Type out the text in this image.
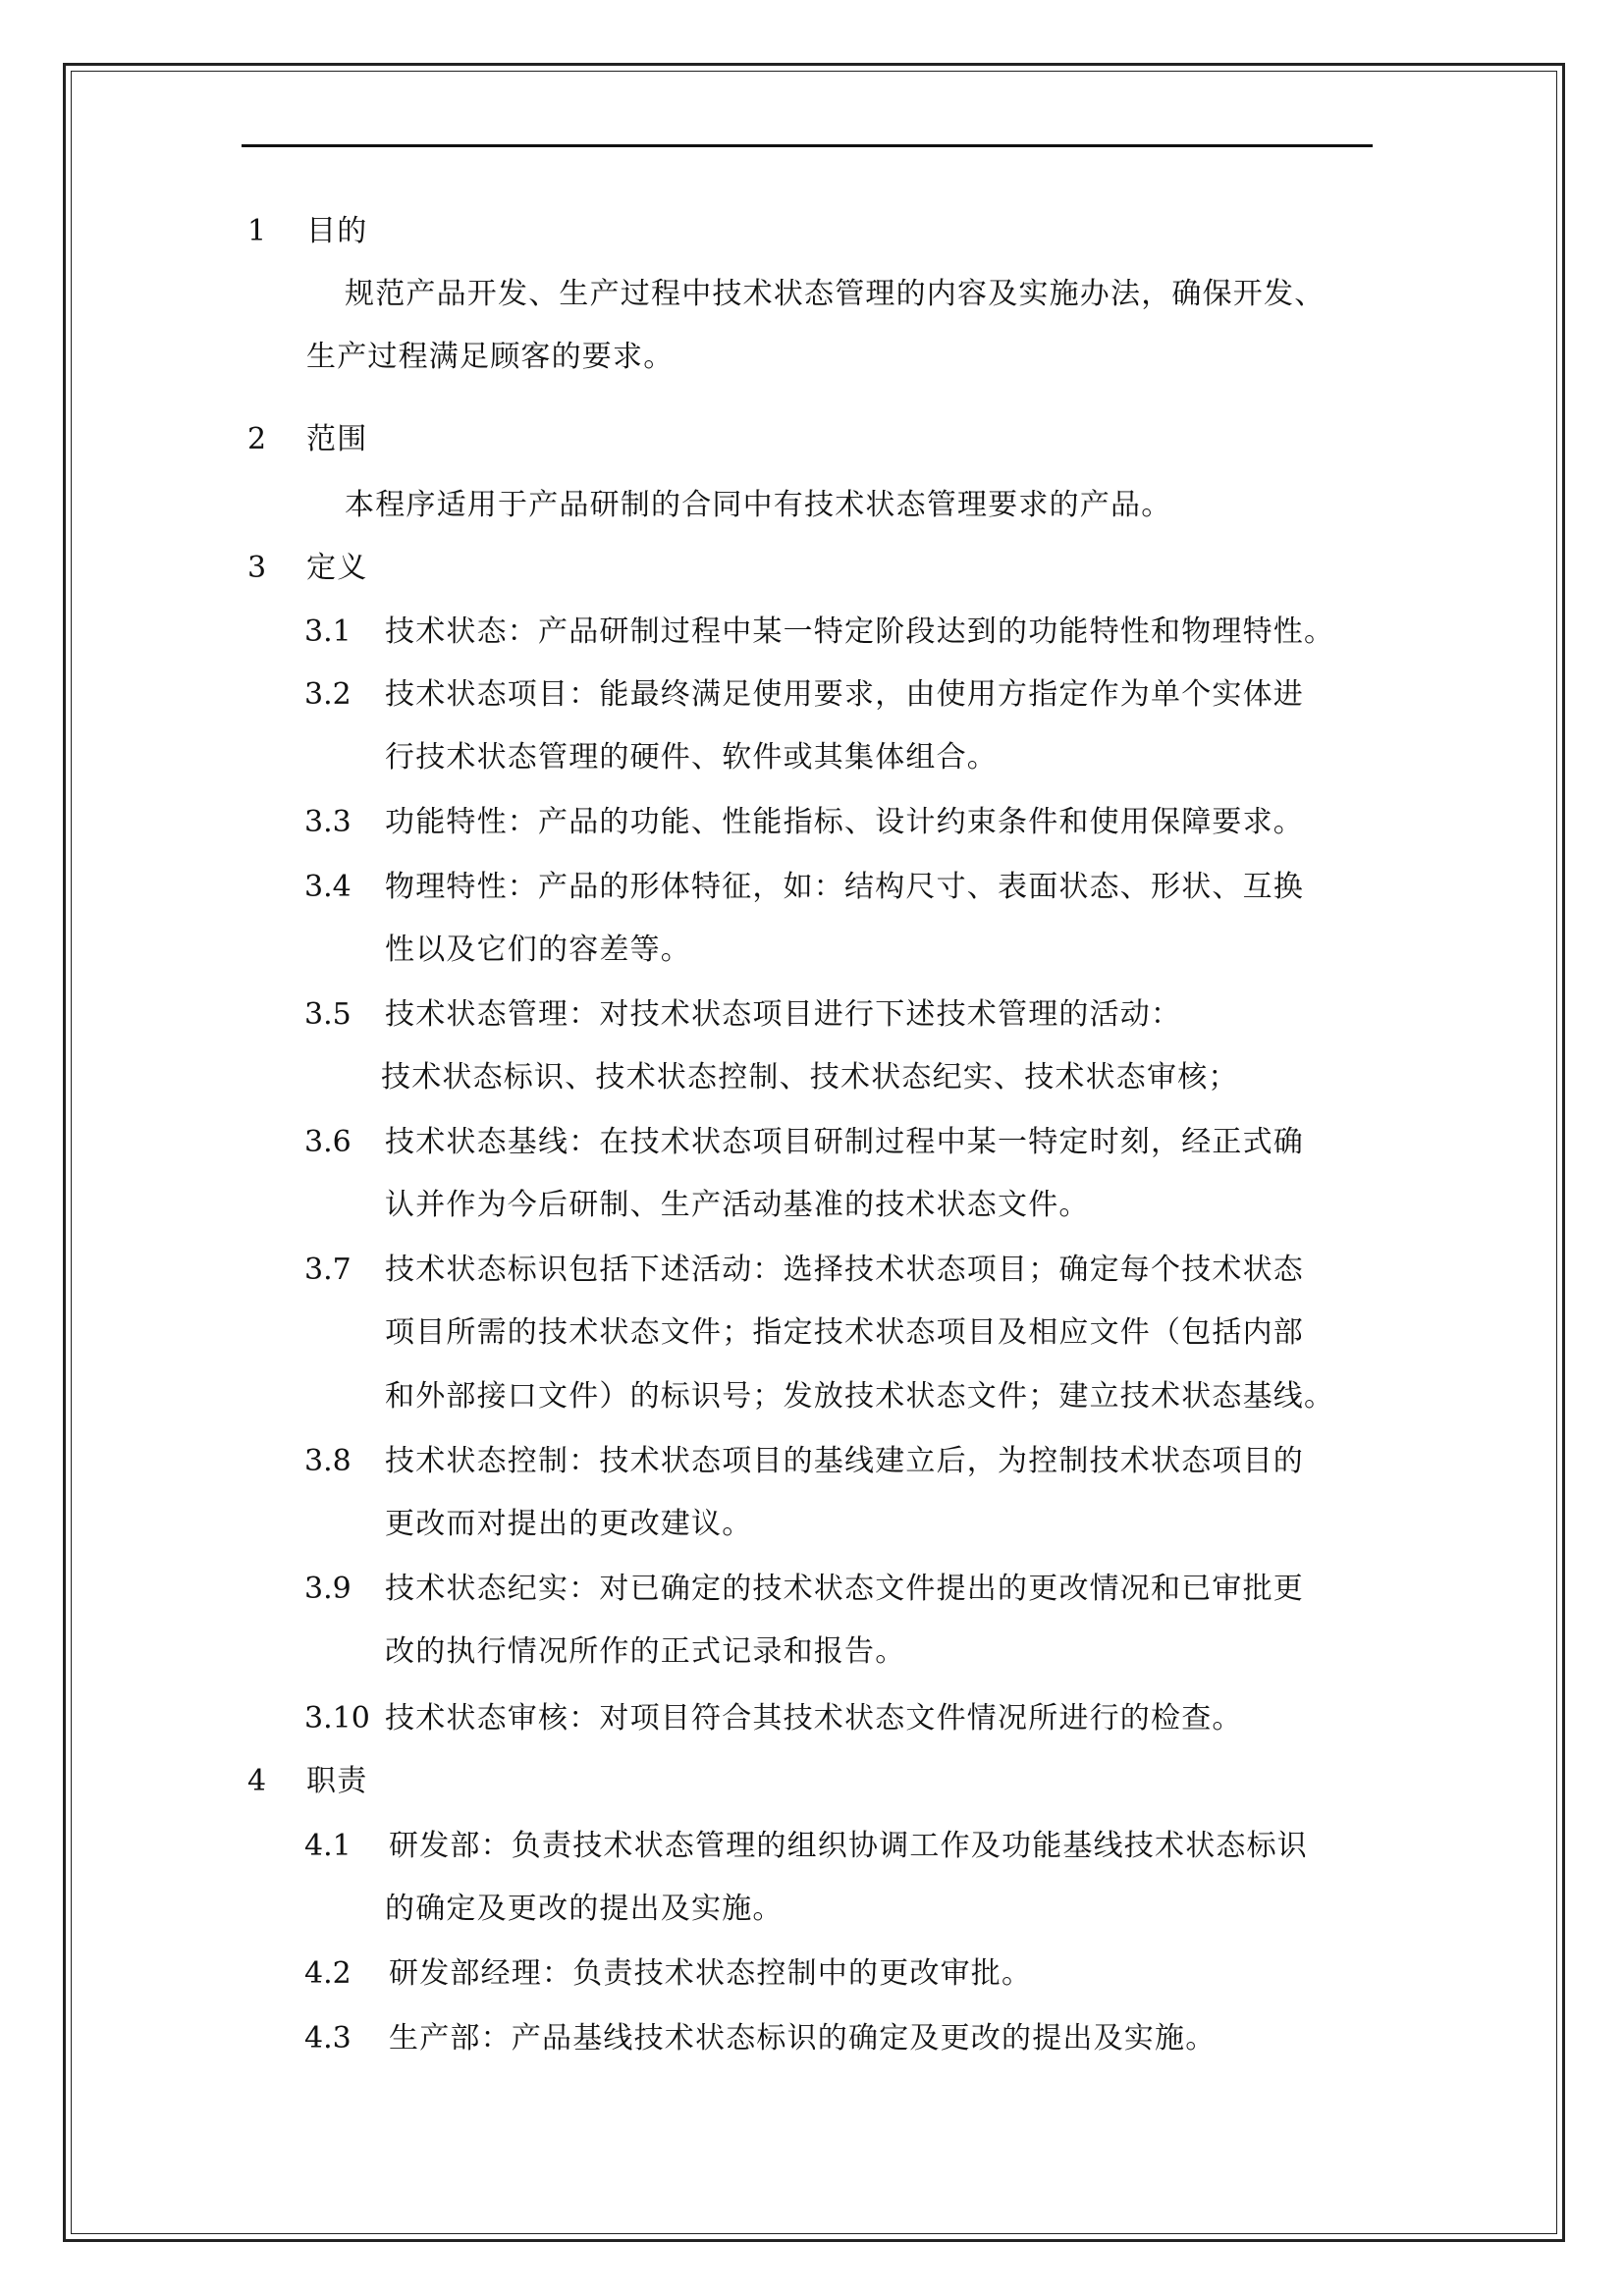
1 目的
规范产品开发、生产过程中技术状态管理的内容及实施办法，确保开发、
生产过程满足顾客的要求。
2 范围
本程序适用于产品研制的合同中有技术状态管理要求的产品。
3 定义
3.1 技术状态：产品研制过程中某一特定阶段达到的功能特性和物理特性。
3.2 技术状态项目：能最终满足使用要求，由使用方指定作为单个实体进
行技术状态管理的硬件、软件或其集体组合。
3.3 功能特性：产品的功能、性能指标、设计约束条件和使用保障要求。
3.4 物理特性：产品的形体特征，如：结构尺寸、表面状态、形状、互换
性以及它们的容差等。
3.5 技术状态管理：对技术状态项目进行下述技术管理的活动：
技术状态标识、技术状态控制、技术状态纪实、技术状态审核；
3.6 技术状态基线：在技术状态项目研制过程中某一特定时刻，经正式确
认并作为今后研制、生产活动基准的技术状态文件。
3.7 技术状态标识包括下述活动：选择技术状态项目；确定每个技术状态
项目所需的技术状态文件；指定技术状态项目及相应文件（包括内部
和外部接口文件）的标识号；发放技术状态文件；建立技术状态基线。
3.8 技术状态控制：技术状态项目的基线建立后，为控制技术状态项目的
更改而对提出的更改建议。
3.9 技术状态纪实：对已确定的技术状态文件提出的更改情况和已审批更
改的执行情况所作的正式记录和报告。
3.10 技术状态审核：对项目符合其技术状态文件情况所进行的检查。
4 职责
4.1 研发部：负责技术状态管理的组织协调工作及功能基线技术状态标识
的确定及更改的提出及实施。
4.2 研发部经理：负责技术状态控制中的更改审批。
4.3 生产部：产品基线技术状态标识的确定及更改的提出及实施。
